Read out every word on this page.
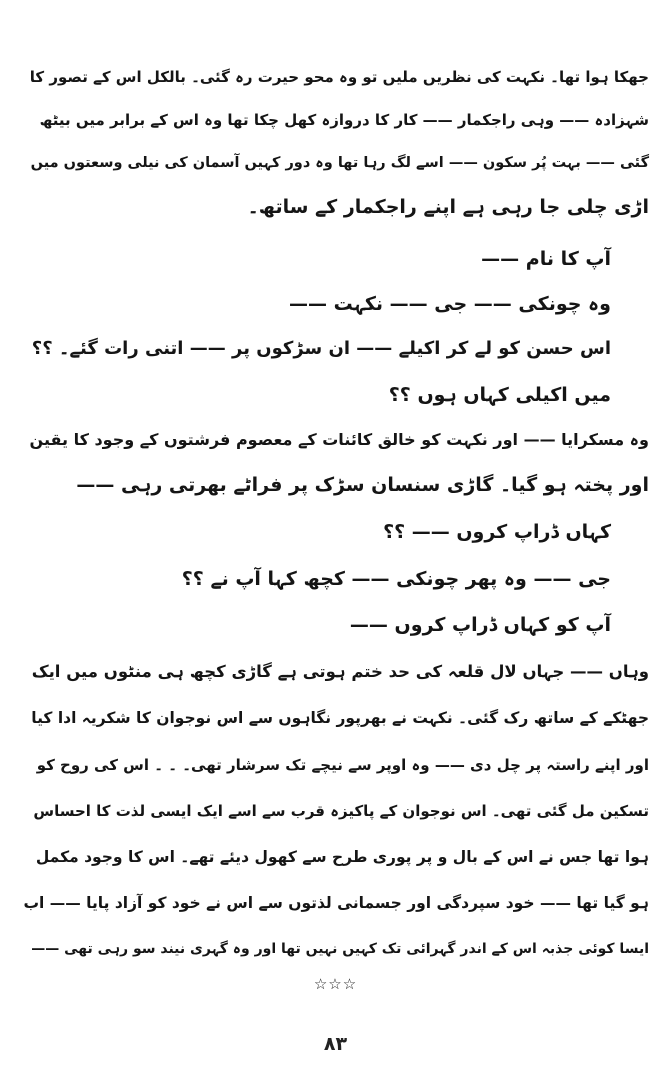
جھکا ہوا تھا۔ نکہت کی نظریں ملیں تو وہ محو حیرت رہ گئی۔ بالکل اس کے تصور کا
شہزادہ —— وہی راجکمار —— کار کا دروازہ کھل چکا تھا وہ اس کے برابر میں بیٹھ
گئی —— بہت پُر سکون —— اسے لگ رہا تھا وہ دور کہیں آسمان کی نیلی وسعتوں میں
اڑی چلی جا رہی ہے اپنے راجکمار کے ساتھ۔
آپ کا نام ——
وہ چونکی —— جی —— نکہت ——
اس حسن کو لے کر اکیلے —— ان سڑکوں پر —— اتنی رات گئے۔ ؟؟
میں اکیلی کہاں ہوں ؟؟
وہ مسکرایا —— اور نکہت کو خالق کائنات کے معصوم فرشتوں کے وجود کا یقین
اور پختہ ہو گیا۔ گاڑی سنسان سڑک پر فراٹے بھرتی رہی ——
کہاں ڈراپ کروں —— ؟؟
جی —— وہ پھر چونکی —— کچھ کہا آپ نے ؟؟
آپ کو کہاں ڈراپ کروں ——
وہاں —— جہاں لال قلعہ کی حد ختم ہوتی ہے گاڑی کچھ ہی منٹوں میں ایک
جھٹکے کے ساتھ رک گئی۔ نکہت نے بھرپور نگاہوں سے اس نوجوان کا شکریہ ادا کیا
اور اپنے راستہ پر چل دی —— وہ اوپر سے نیچے تک سرشار تھی۔ ۔ ۔ اس کی روح کو
تسکین مل گئی تھی۔ اس نوجوان کے پاکیزہ قرب سے اسے ایک ایسی لذت کا احساس
ہوا تھا جس نے اس کے بال و پر پوری طرح سے کھول دیئے تھے۔ اس کا وجود مکمل
ہو گیا تھا —— خود سپردگی اور جسمانی لذتوں سے اس نے خود کو آزاد پایا —— اب
ایسا کوئی جذبہ اس کے اندر گہرائی تک کہیں نہیں تھا اور وہ گہری نیند سو رہی تھی ——
☆☆☆
۸۳
